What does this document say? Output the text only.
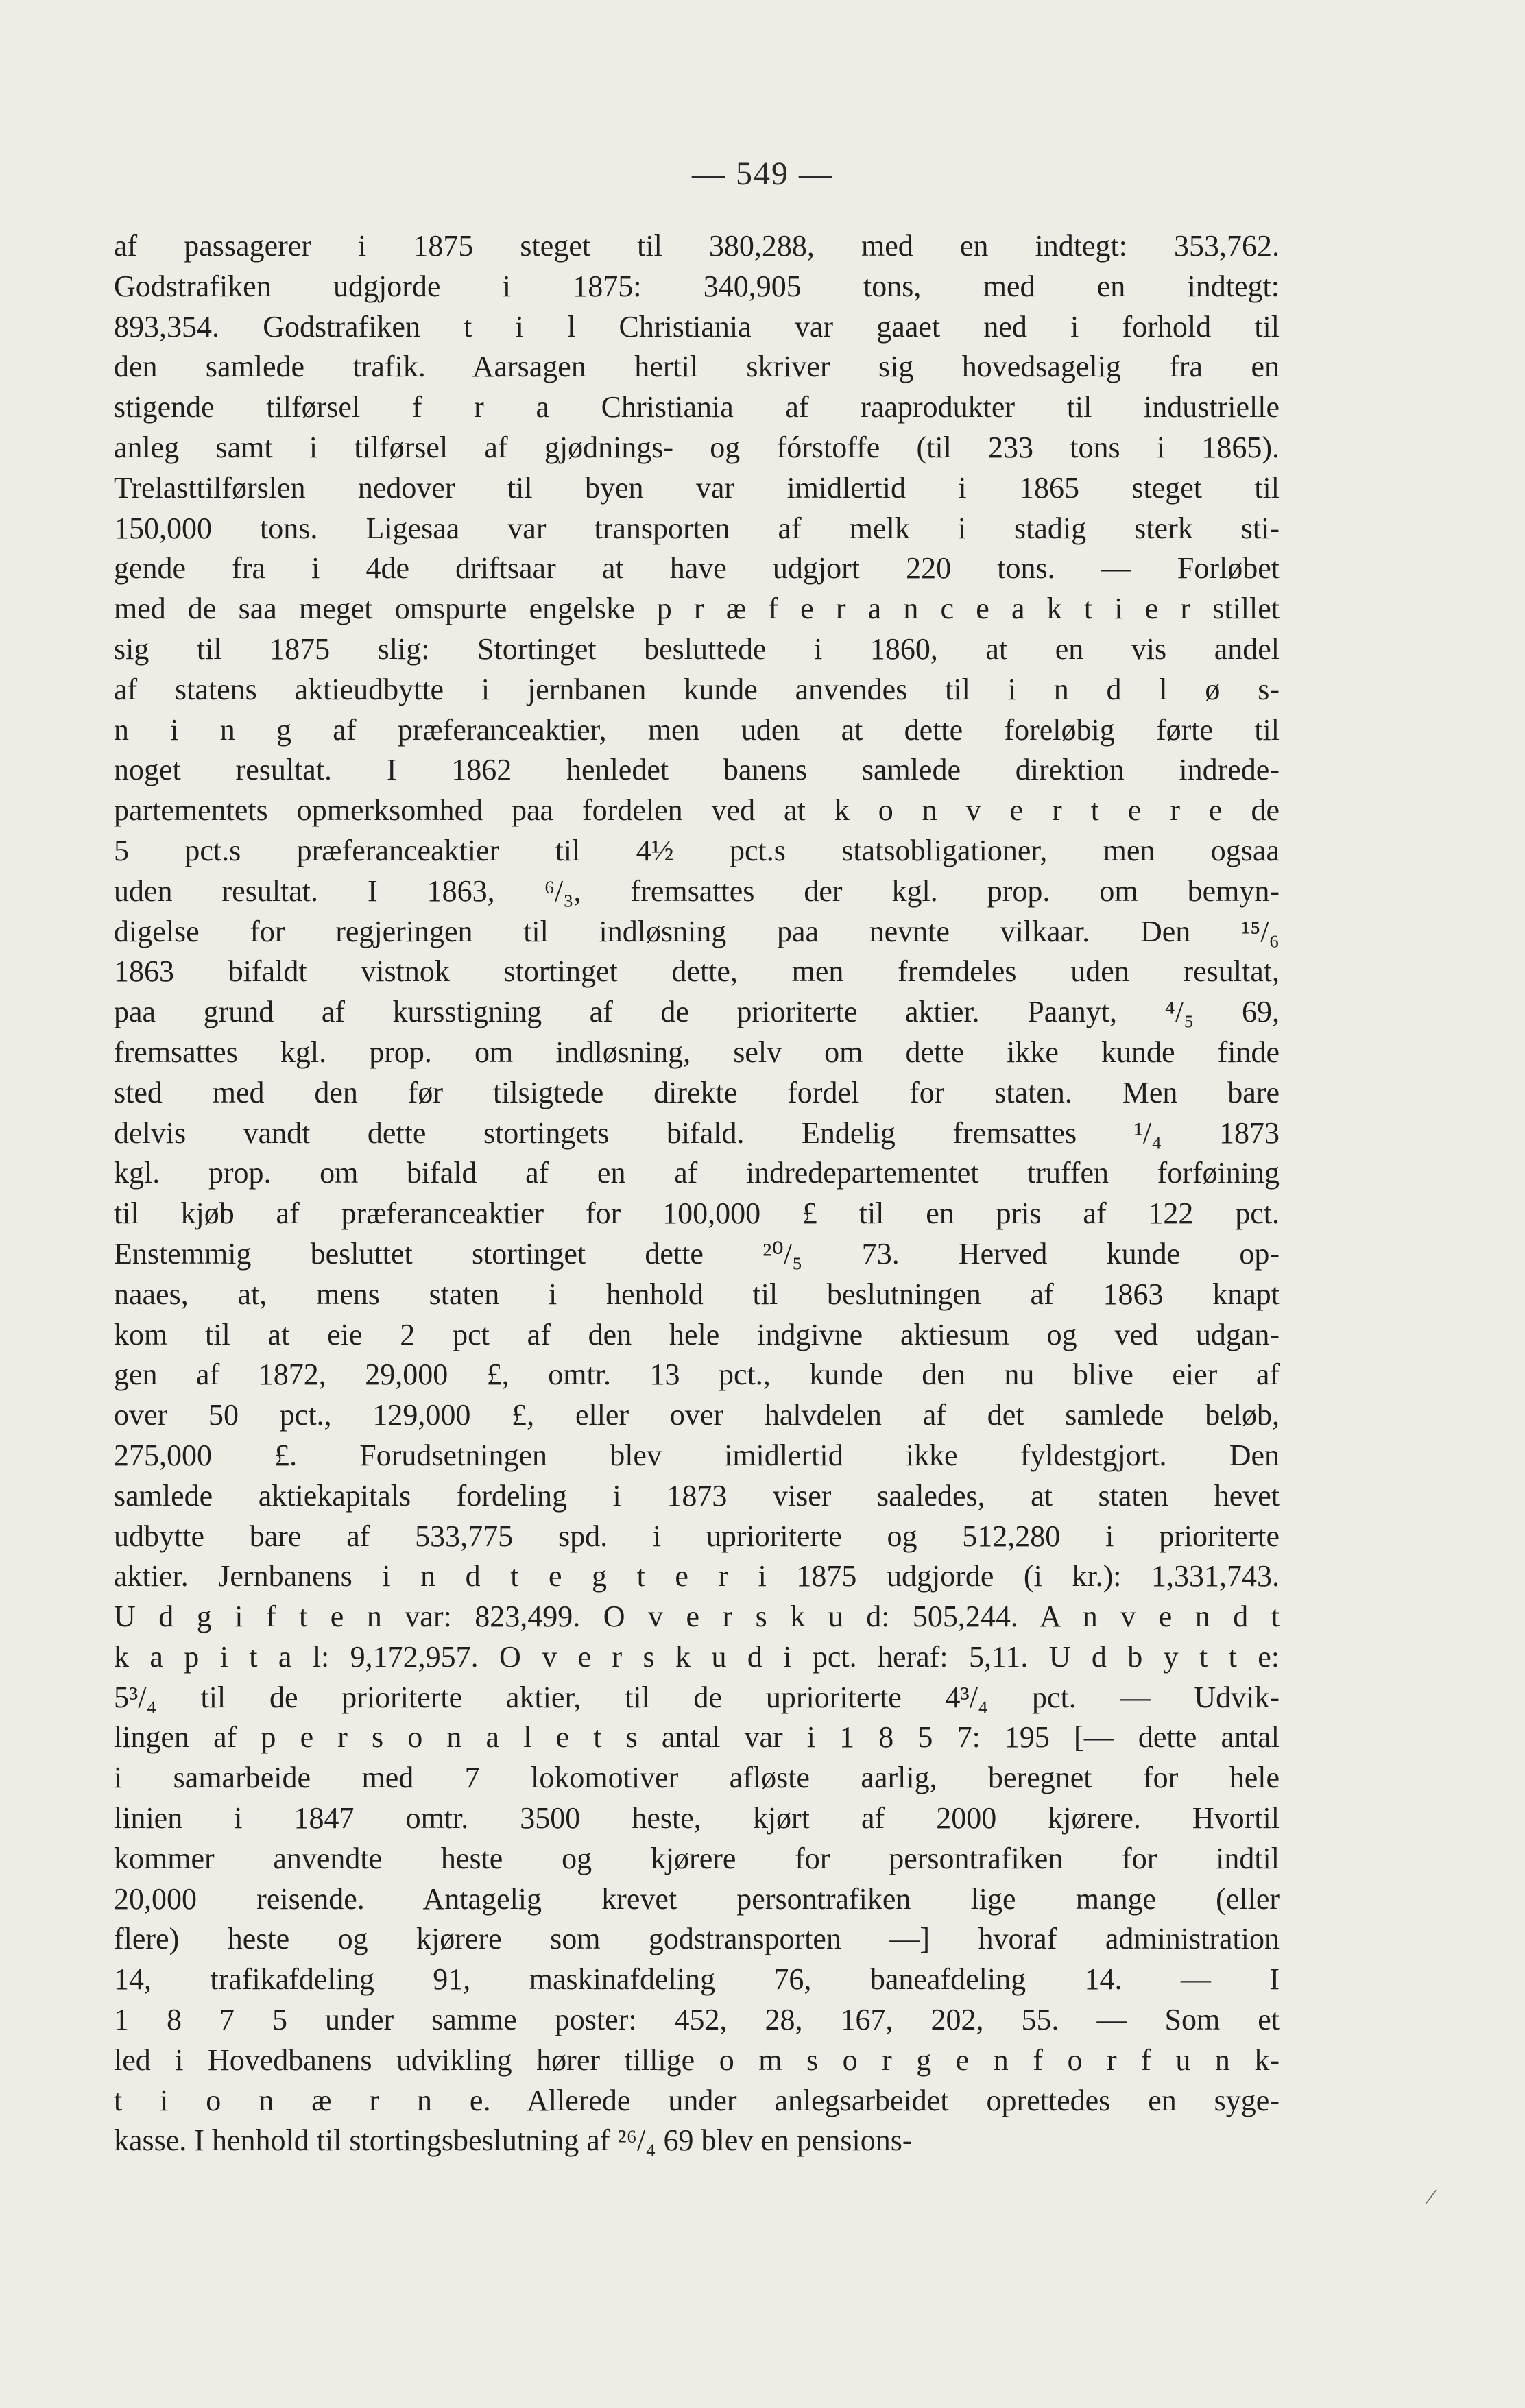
— 549 —
af passagerer i 1875 steget til 380,288, med en indtegt: 353,762.
Godstrafiken udgjorde i 1875: 340,905 tons, med en indtegt:
893,354. Godstrafiken t i l Christiania var gaaet ned i forhold til
den samlede trafik. Aarsagen hertil skriver sig hovedsagelig fra en
stigende tilførsel f r a Christiania af raaprodukter til industrielle
anleg samt i tilførsel af gjødnings- og fórstoffe (til 233 tons i 1865).
Trelasttilførslen nedover til byen var imidlertid i 1865 steget til
150,000 tons. Ligesaa var transporten af melk i stadig sterk sti-
gende fra i 4de driftsaar at have udgjort 220 tons. — Forløbet
med de saa meget omspurte engelske p r æ f e r a n c e a k t i e r stillet
sig til 1875 slig: Stortinget besluttede i 1860, at en vis andel
af statens aktieudbytte i jernbanen kunde anvendes til i n d l ø s-
n i n g af præferanceaktier, men uden at dette foreløbig førte til
noget resultat. I 1862 henledet banens samlede direktion indrede-
partementets opmerksomhed paa fordelen ved at k o n v e r t e r e de
5 pct.s præferanceaktier til 4½ pct.s statsobligationer, men ogsaa
uden resultat. I 1863, ⁶/₃, fremsattes der kgl. prop. om bemyn-
digelse for regjeringen til indløsning paa nevnte vilkaar. Den ¹⁵/₆
1863 bifaldt vistnok stortinget dette, men fremdeles uden resultat,
paa grund af kursstigning af de prioriterte aktier. Paanyt, ⁴/₅ 69,
fremsattes kgl. prop. om indløsning, selv om dette ikke kunde finde
sted med den før tilsigtede direkte fordel for staten. Men bare
delvis vandt dette stortingets bifald. Endelig fremsattes ¹/₄ 1873
kgl. prop. om bifald af en af indredepartementet truffen forføining
til kjøb af præferanceaktier for 100,000 £ til en pris af 122 pct.
Enstemmig besluttet stortinget dette ²⁰/₅ 73. Herved kunde op-
naaes, at, mens staten i henhold til beslutningen af 1863 knapt
kom til at eie 2 pct af den hele indgivne aktiesum og ved udgan-
gen af 1872, 29,000 £, omtr. 13 pct., kunde den nu blive eier af
over 50 pct., 129,000 £, eller over halvdelen af det samlede beløb,
275,000 £. Forudsetningen blev imidlertid ikke fyldestgjort. Den
samlede aktiekapitals fordeling i 1873 viser saaledes, at staten hevet
udbytte bare af 533,775 spd. i uprioriterte og 512,280 i prioriterte
aktier. Jernbanens i n d t e g t e r i 1875 udgjorde (i kr.): 1,331,743.
U d g i f t e n var: 823,499. O v e r s k u d: 505,244. A n v e n d t
k a p i t a l: 9,172,957. O v e r s k u d i pct. heraf: 5,11. U d b y t t e:
5³/₄ til de prioriterte aktier, til de uprioriterte 4³/₄ pct. — Udvik-
lingen af p e r s o n a l e t s antal var i 1 8 5 7: 195 [— dette antal
i samarbeide med 7 lokomotiver afløste aarlig, beregnet for hele
linien i 1847 omtr. 3500 heste, kjørt af 2000 kjørere. Hvortil
kommer anvendte heste og kjørere for persontrafiken for indtil
20,000 reisende. Antagelig krevet persontrafiken lige mange (eller
flere) heste og kjørere som godstransporten —] hvoraf administration
14, trafikafdeling 91, maskinafdeling 76, baneafdeling 14. — I
1 8 7 5 under samme poster: 452, 28, 167, 202, 55. — Som et
led i Hovedbanens udvikling hører tillige o m s o r g e n f o r f u n k-
t i o n æ r n e. Allerede under anlegsarbeidet oprettedes en syge-
kasse. I henhold til stortingsbeslutning af ²⁶/₄ 69 blev en pensions-
/
